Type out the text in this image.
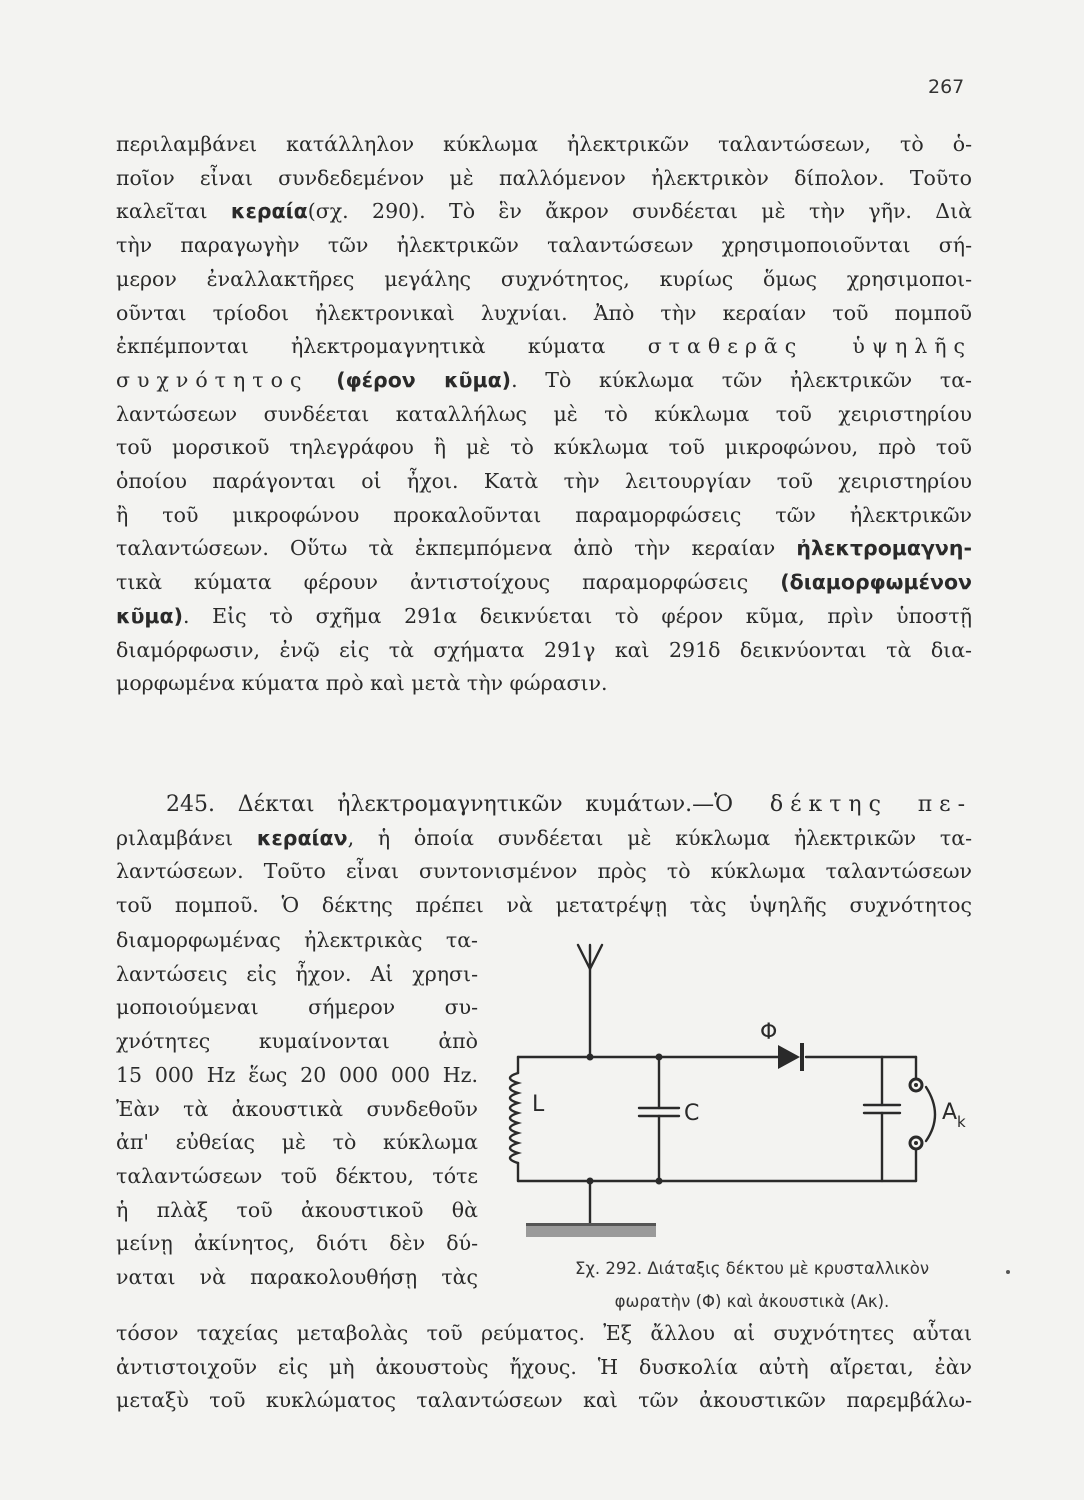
267
περιλαμβάνει κατάλληλον κύκλωμα ἠλεκτρικῶν ταλαντώσεων, τὸ ὁ-
ποῖον εἶναι συνδεδεμένον μὲ παλλόμενον ἠλεκτρικὸν δίπολον. Τοῦτο
καλεῖται κεραία(σχ. 290). Τὸ ἓν ἄκρον συνδέεται μὲ τὴν γῆν. Διὰ
τὴν παραγωγὴν τῶν ἠλεκτρικῶν ταλαντώσεων χρησιμοποιοῦνται σή-
μερον ἐναλλακτῆρες μεγάλης συχνότητος, κυρίως ὅμως χρησιμοποι-
οῦνται τρίοδοι ἠλεκτρονικαὶ λυχνίαι. Ἀπὸ τὴν κεραίαν τοῦ πομποῦ
ἐκπέμπονται ἠλεκτρομαγνητικὰ κύματα σταθερᾶς ὑψηλῆς
συχνότητος (φέρον κῦμα). Τὸ κύκλωμα τῶν ἠλεκτρικῶν τα-
λαντώσεων συνδέεται καταλλήλως μὲ τὸ κύκλωμα τοῦ χειριστηρίου
τοῦ μορσικοῦ τηλεγράφου ἢ μὲ τὸ κύκλωμα τοῦ μικροφώνου, πρὸ τοῦ
ὁποίου παράγονται οἱ ἦχοι. Κατὰ τὴν λειτουργίαν τοῦ χειριστηρίου
ἢ τοῦ μικροφώνου προκαλοῦνται παραμορφώσεις τῶν ἠλεκτρικῶν
ταλαντώσεων. Οὕτω τὰ ἐκπεμπόμενα ἀπὸ τὴν κεραίαν ἠλεκτρομαγνη-
τικὰ κύματα φέρουν ἀντιστοίχους παραμορφώσεις (διαμορφωμένον
κῦμα). Εἰς τὸ σχῆμα 291α δεικνύεται τὸ φέρον κῦμα, πρὶν ὑποστῇ
διαμόρφωσιν, ἐνῷ εἰς τὰ σχήματα 291γ καὶ 291δ δεικνύονται τὰ δια-
μορφωμένα κύματα πρὸ καὶ μετὰ τὴν φώρασιν.
245. Δέκται ἠλεκτρομαγνητικῶν κυμάτων.—Ὁ δέκτης πε-
ριλαμβάνει κεραίαν, ἡ ὁποία συνδέεται μὲ κύκλωμα ἠλεκτρικῶν τα-
λαντώσεων. Τοῦτο εἶναι συντονισμένον πρὸς τὸ κύκλωμα ταλαντώσεων
τοῦ πομποῦ. Ὁ δέκτης πρέπει νὰ μετατρέψῃ τὰς ὑψηλῆς συχνότητος
διαμορφωμένας ἠλεκτρικὰς τα-
λαντώσεις εἰς ἦχον. Αἱ χρησι-
μοποιούμεναι σήμερον συ-
χνότητες κυμαίνονται ἀπὸ
15 000 Hz ἕως 20 000 000 Hz.
Ἐὰν τὰ ἀκουστικὰ συνδεθοῦν
ἀπ' εὐθείας μὲ τὸ κύκλωμα
ταλαντώσεων τοῦ δέκτου, τότε
ἡ πλὰξ τοῦ ἀκουστικοῦ θὰ
μείνῃ ἀκίνητος, διότι δὲν δύ-
ναται νὰ παρακολουθήσῃ τὰς
L	C
Φ
A k
Σχ. 292. Διάταξις δέκτου μὲ κρυσταλλικὸν
φωρατὴν (Φ) καὶ ἀκουστικὰ (Ακ).
τόσον ταχείας μεταβολὰς τοῦ ρεύματος. Ἐξ ἄλλου αἱ συχνότητες αὗται
ἀντιστοιχοῦν εἰς μὴ ἀκουστοὺς ἤχους. Ἡ δυσκολία αὐτὴ αἴρεται, ἐὰν
μεταξὺ τοῦ κυκλώματος ταλαντώσεων καὶ τῶν ἀκουστικῶν παρεμβάλω-
